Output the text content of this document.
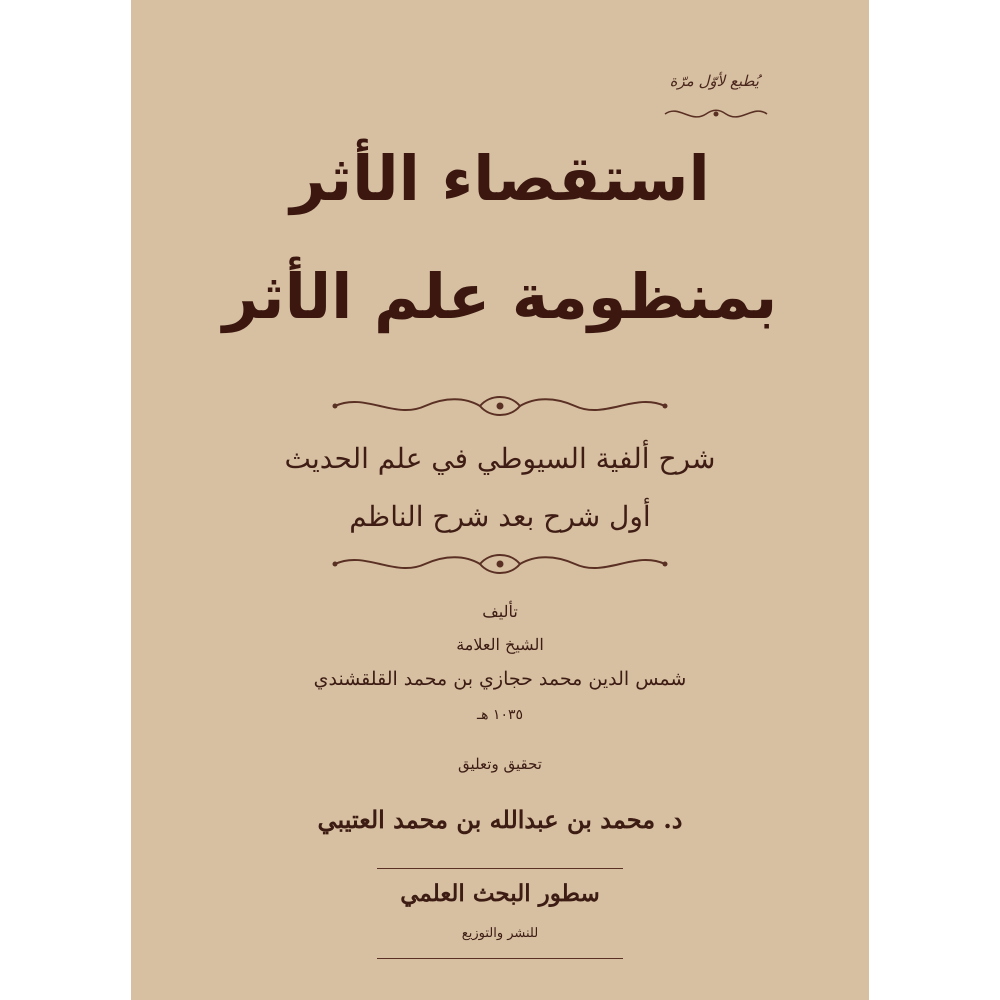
يُطبع لأوّل مرّة
استقصاء الأثر
بمنظومة علم الأثر
شرح ألفية السيوطي في علم الحديث
أول شرح بعد شرح الناظم
تأليف
الشيخ العلامة
شمس الدين محمد حجازي بن محمد القلقشندي
١٠٣٥ هـ
تحقيق وتعليق
د. محمد بن عبدالله بن محمد العتيبي
سطور البحث العلمي
للنشر والتوزيع
